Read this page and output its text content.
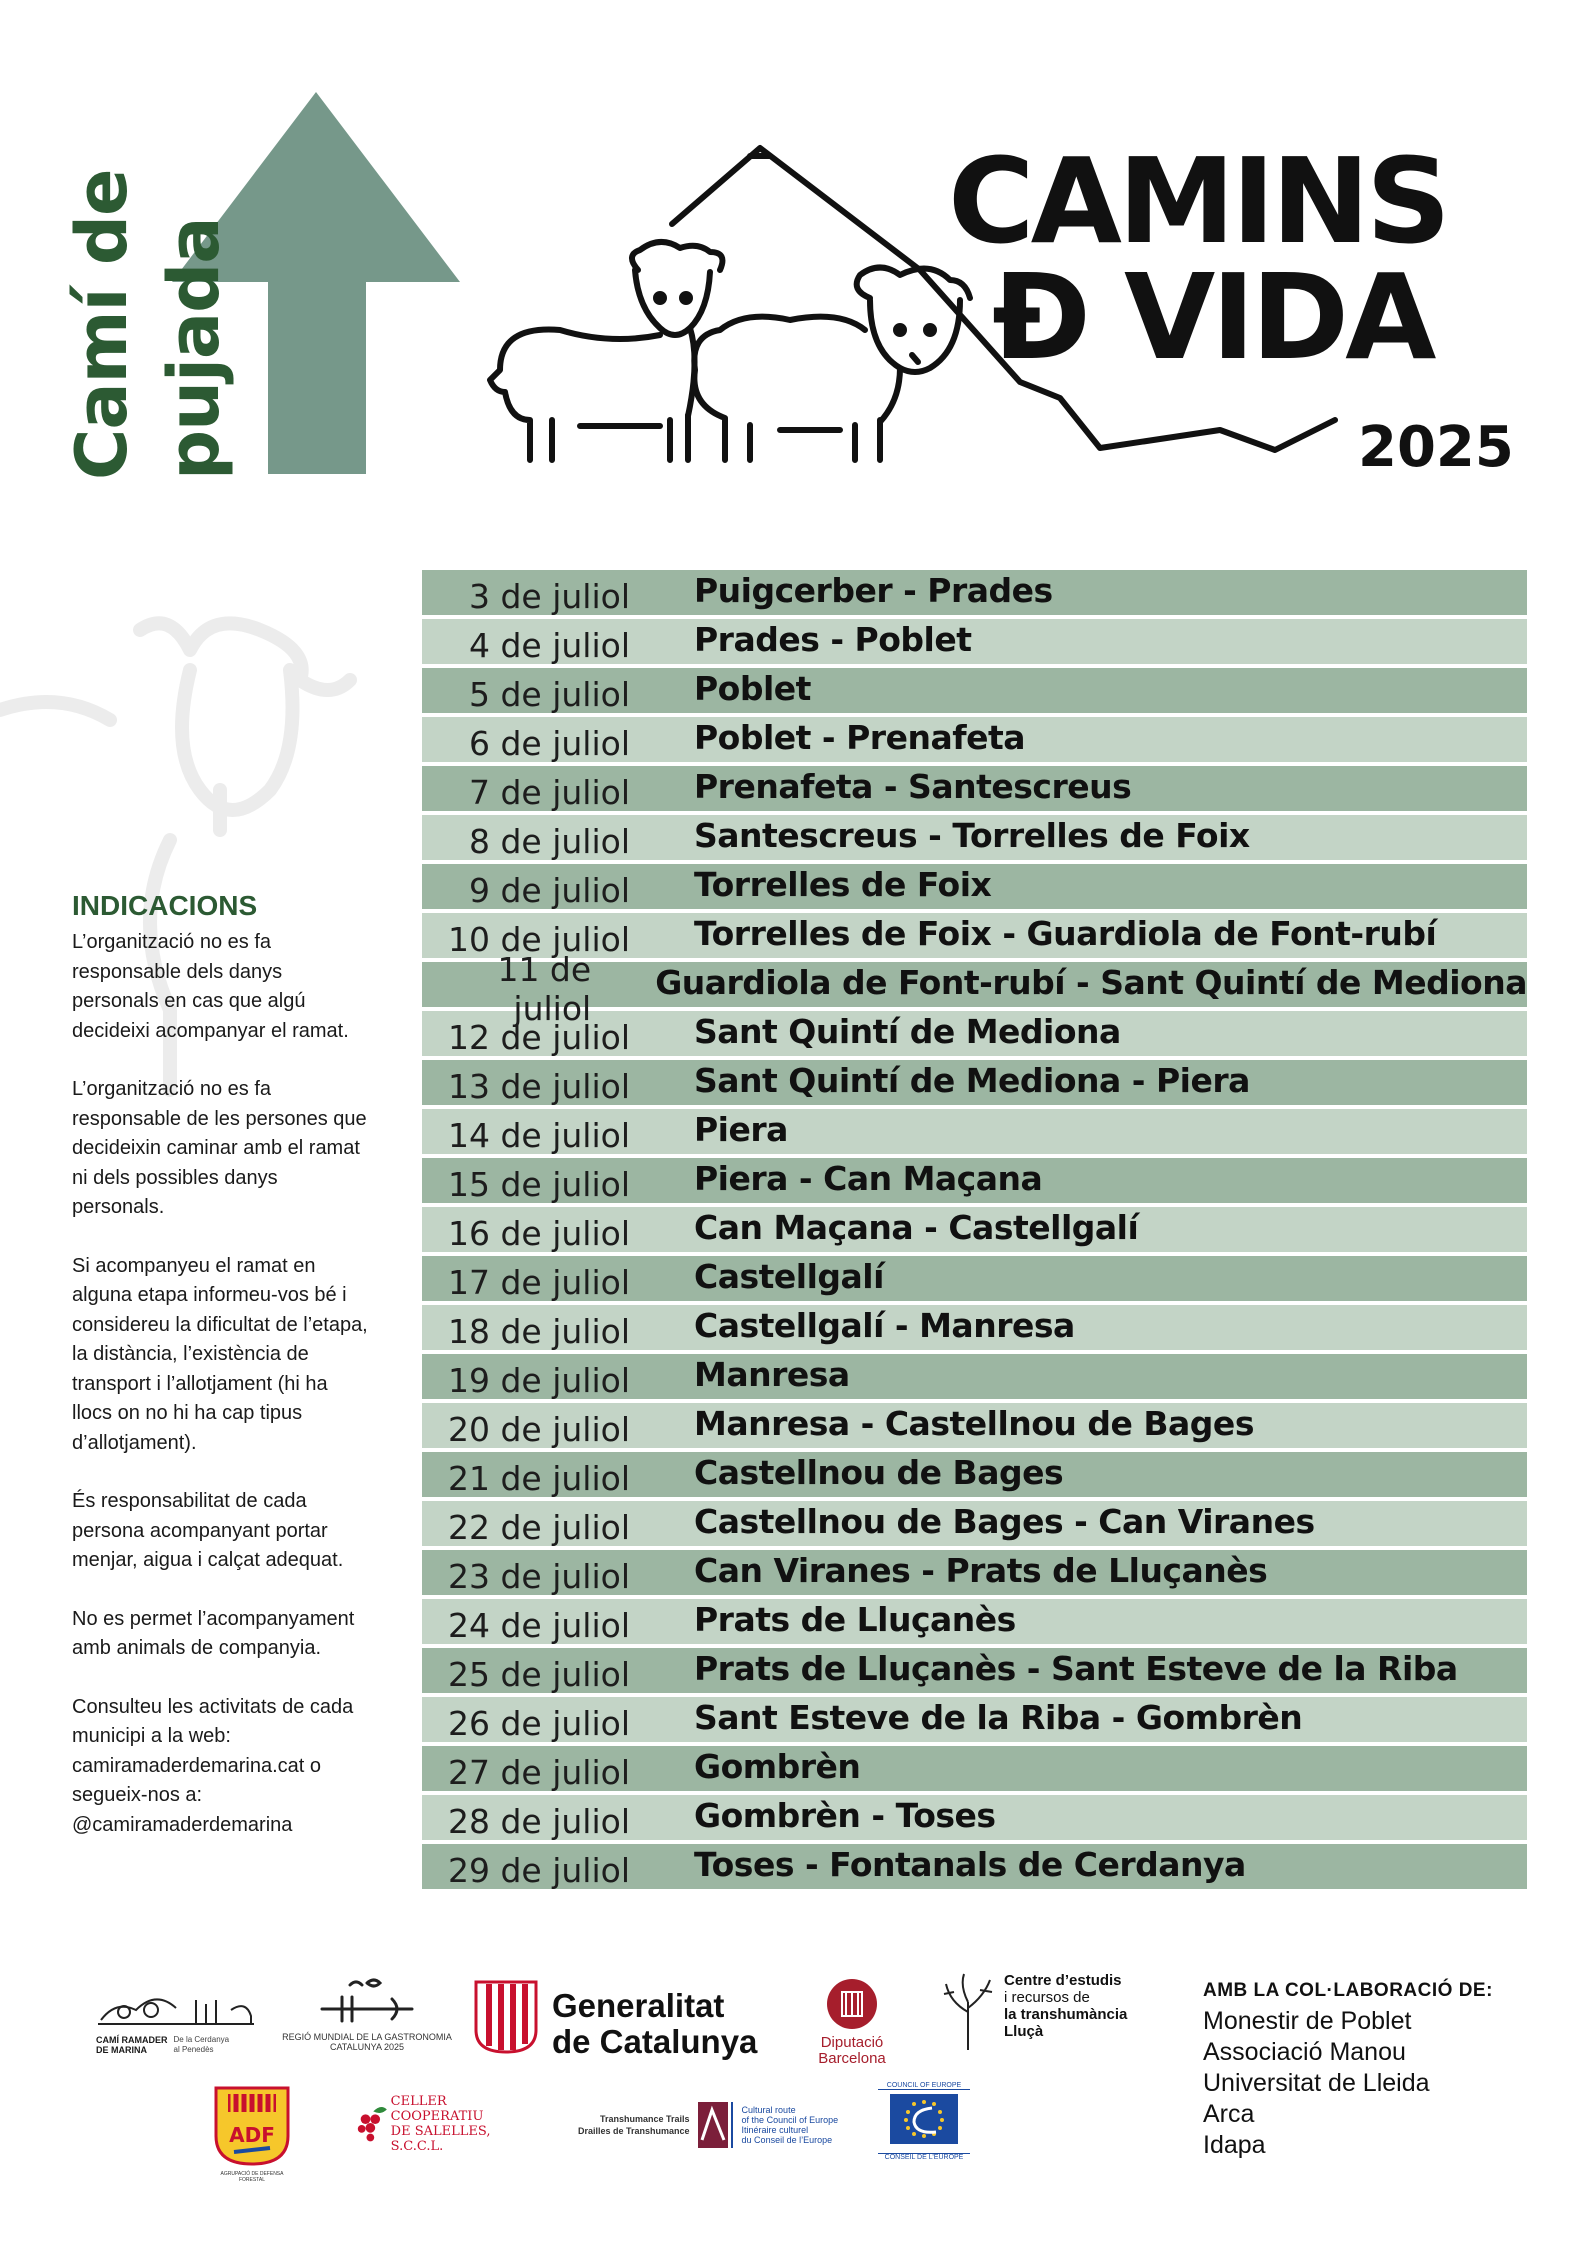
Camí de pujada
CAMINS
Đ VIDA
2025
3 de juliol Puigcerber - Prades
4 de juliol Prades - Poblet
5 de juliol Poblet
6 de juliol Poblet - Prenafeta
7 de juliol Prenafeta - Santescreus
8 de juliol Santescreus - Torrelles de Foix
9 de juliol Torrelles de Foix
10 de juliol Torrelles de Foix - Guardiola de Font-rubí
11 de juliol
Guardiola de Font-rubí - Sant Quintí de Mediona
12 de juliol Sant Quintí de Mediona
13 de juliol Sant Quintí de Mediona - Piera
14 de juliol Piera
15 de juliol Piera - Can Maçana
16 de juliol Can Maçana - Castellgalí
17 de juliol Castellgalí
18 de juliol Castellgalí - Manresa
19 de juliol Manresa
20 de juliol Manresa - Castellnou de Bages
21 de juliol Castellnou de Bages
22 de juliol Castellnou de Bages - Can Viranes
23 de juliol Can Viranes - Prats de Lluçanès
24 de juliol Prats de Lluçanès
25 de juliol Prats de Lluçanès - Sant Esteve de la Riba
26 de juliol Sant Esteve de la Riba - Gombrèn
27 de juliol Gombrèn
28 de juliol Gombrèn - Toses
29 de juliol Toses - Fontanals de Cerdanya
INDICACIONS

L’organització no es fa responsable dels danys personals en cas que algú decideixi acompanyar el ramat.

L’organització no es fa responsable de les persones que decideixin caminar amb el ramat ni dels possibles danys personals.

Si acompanyeu el ramat en alguna etapa informeu-vos bé i considereu la dificultat de l’etapa, la distància, l’existència de transport i l’allotjament (hi ha llocs on no hi ha cap tipus d’allotjament).

És responsabilitat de cada persona acompanyant portar menjar, aigua i calçat adequat.

No es permet l’acompanyament amb animals de companyia.

Consulteu les activitats de cada municipi a la web: camiramaderdemarina.cat o segueix-nos a: @camiramaderdemarina

CAMÍ RAMADER
DE MARINA
De la Cerdanya al Penedès
REGIÓ MUNDIAL DE LA GASTRONOMIA
CATALUNYA 2025
Generalitat
de Catalunya	Diputació
Barcelona
Centre d’estudis
i recursos de
la transhumància
Lluçà
AMB LA COL·LABORACIÓ DE:
Monestir de Poblet
Associació Manou
Universitat de Lleida
Arca
Idapa
ADF
AGRUPACIÓ DE DEFENSA FORESTAL
CELLER COOPERATIU
DE SALELLES, S.C.C.L.
Transhumance Trails
Drailles de Transhumance
Cultural route
of the Council of Europe
Itinéraire culturel
du Conseil de l’Europe
COUNCIL OF EUROPE
CONSEIL DE L’EUROPE
